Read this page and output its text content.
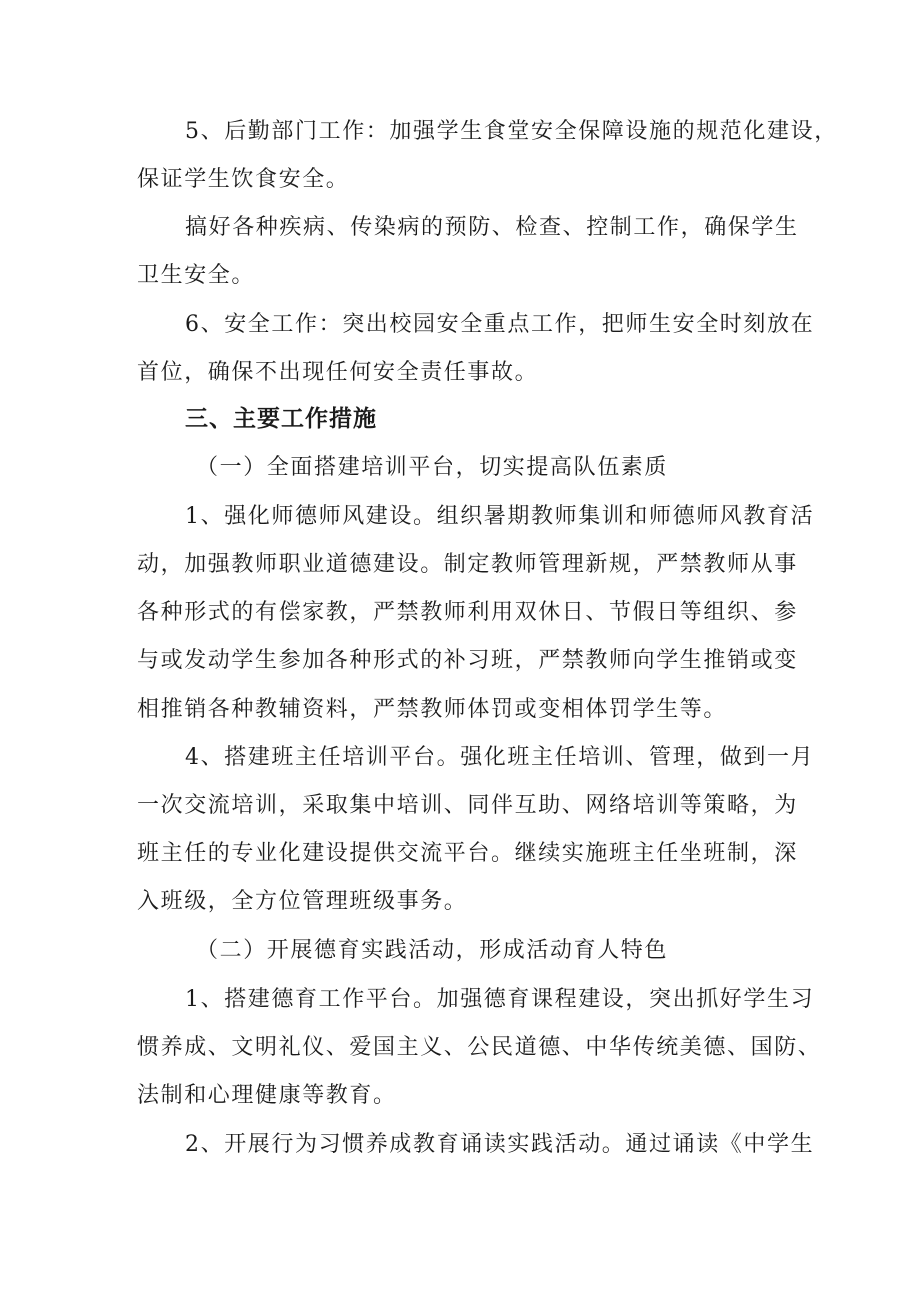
5、后勤部门工作：加强学生食堂安全保障设施的规范化建设，
保证学生饮食安全。
搞好各种疾病、传染病的预防、检查、控制工作，确保学生
卫生安全。
6、安全工作：突出校园安全重点工作，把师生安全时刻放在
首位，确保不出现任何安全责任事故。
三、主要工作措施
（一）全面搭建培训平台，切实提高队伍素质
1、强化师德师风建设。组织暑期教师集训和师德师风教育活
动，加强教师职业道德建设。制定教师管理新规，严禁教师从事
各种形式的有偿家教，严禁教师利用双休日、节假日等组织、参
与或发动学生参加各种形式的补习班，严禁教师向学生推销或变
相推销各种教辅资料，严禁教师体罚或变相体罚学生等。
4、搭建班主任培训平台。强化班主任培训、管理，做到一月
一次交流培训，采取集中培训、同伴互助、网络培训等策略，为
班主任的专业化建设提供交流平台。继续实施班主任坐班制，深
入班级，全方位管理班级事务。
（二）开展德育实践活动，形成活动育人特色
1、搭建德育工作平台。加强德育课程建设，突出抓好学生习
惯养成、文明礼仪、爱国主义、公民道德、中华传统美德、国防、
法制和心理健康等教育。
2、开展行为习惯养成教育诵读实践活动。通过诵读《中学生
